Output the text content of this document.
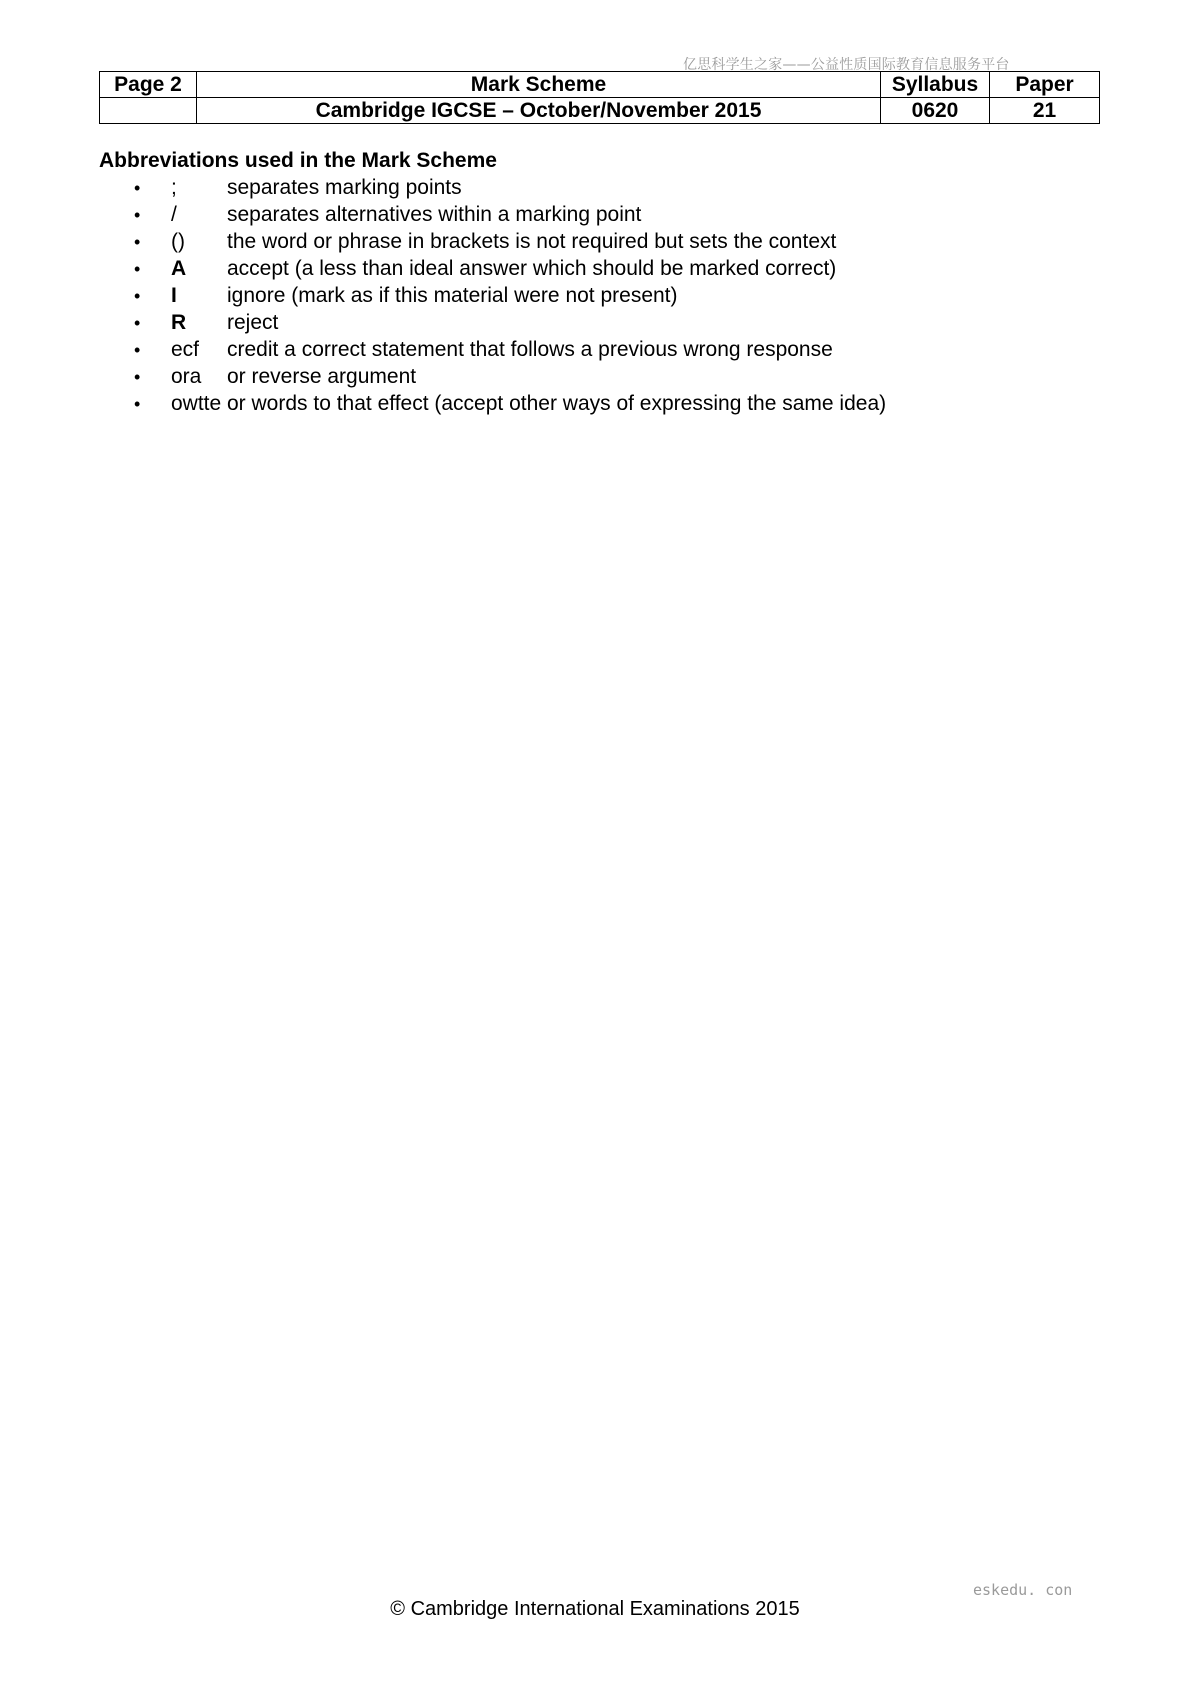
亿思科学生之家——公益性质国际教育信息服务平台
Page 2	Mark Scheme	Syllabus	Paper
	Cambridge IGCSE – October/November 2015	0620	21

Abbreviations used in the Mark Scheme

•	;	separates marking points
•	/	separates alternatives within a marking point
•	()	the word or phrase in brackets is not required but sets the context
•	A	accept (a less than ideal answer which should be marked correct)
•	I	ignore (mark as if this material were not present)
•	R	reject
•	ecf	credit a correct statement that follows a previous wrong response
•	ora	or reverse argument
•	owtte or words to that effect (accept other ways of expressing the same idea)
eskedu. con
© Cambridge International Examinations 2015
